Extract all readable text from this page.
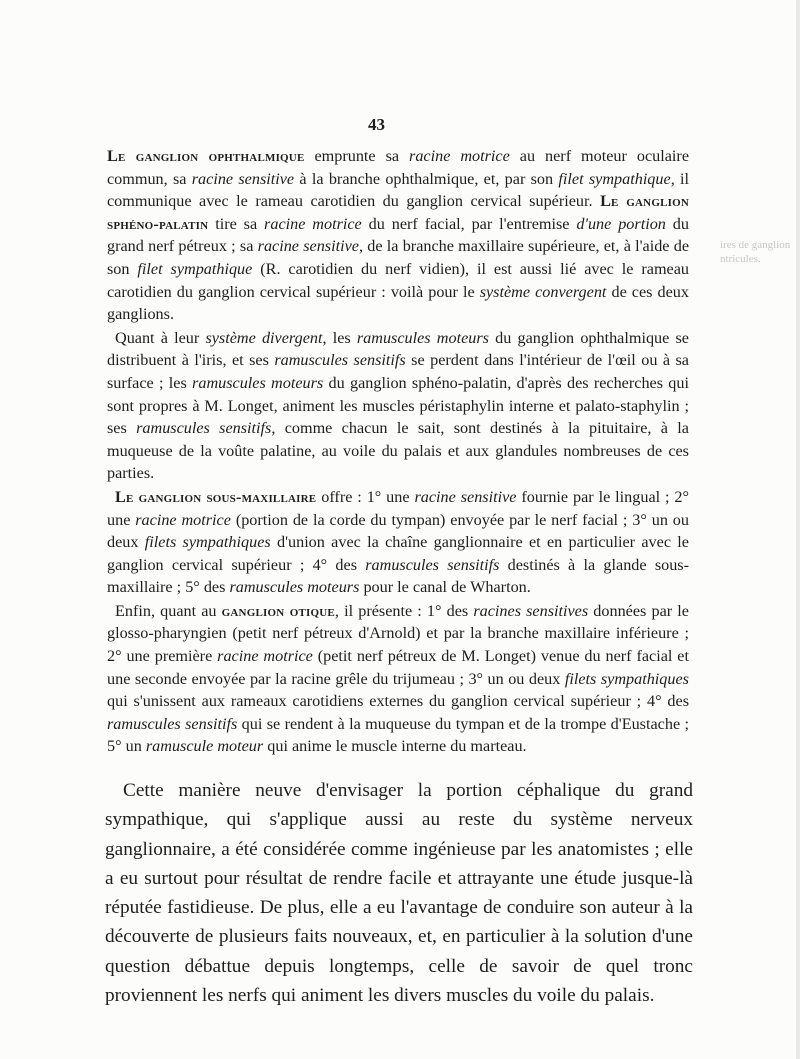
43

Le ganglion ophthalmique emprunte sa racine motrice au nerf moteur oculaire commun, sa racine sensitive à la branche ophthalmique, et, par son filet sympathique, il communique avec le rameau carotidien du ganglion cervical supérieur. Le ganglion sphéno-palatin tire sa racine motrice du nerf facial, par l'entremise d'une portion du grand nerf pétreux ; sa racine sensitive, de la branche maxillaire supérieure, et, à l'aide de son filet sympathique (R. carotidien du nerf vidien), il est aussi lié avec le rameau carotidien du ganglion cervical supérieur : voilà pour le système convergent de ces deux ganglions.

Quant à leur système divergent, les ramuscules moteurs du ganglion ophthalmique se distribuent à l'iris, et ses ramuscules sensitifs se perdent dans l'intérieur de l'œil ou à sa surface ; les ramuscules moteurs du ganglion sphéno-palatin, d'après des recherches qui sont propres à M. Longet, animent les muscles péristaphylin interne et palato-staphylin ; ses ramuscules sensitifs, comme chacun le sait, sont destinés à la pituitaire, à la muqueuse de la voûte palatine, au voile du palais et aux glandules nombreuses de ces parties.

Le ganglion sous-maxillaire offre : 1° une racine sensitive fournie par le lingual ; 2° une racine motrice (portion de la corde du tympan) envoyée par le nerf facial ; 3° un ou deux filets sympathiques d'union avec la chaîne ganglionnaire et en particulier avec le ganglion cervical supérieur ; 4° des ramuscules sensitifs destinés à la glande sous-maxillaire ; 5° des ramuscules moteurs pour le canal de Wharton.

Enfin, quant au ganglion otique, il présente : 1° des racines sensitives données par le glosso-pharyngien (petit nerf pétreux d'Arnold) et par la branche maxillaire inférieure ; 2° une première racine motrice (petit nerf pétreux de M. Longet) venue du nerf facial et une seconde envoyée par la racine grêle du trijumeau ; 3° un ou deux filets sympathiques qui s'unissent aux rameaux carotidiens externes du ganglion cervical supérieur ; 4° des ramuscules sensitifs qui se rendent à la muqueuse du tympan et de la trompe d'Eustache ; 5° un ramuscule moteur qui anime le muscle interne du marteau.

Cette manière neuve d'envisager la portion céphalique du grand sympathique, qui s'applique aussi au reste du système nerveux ganglionnaire, a été considérée comme ingénieuse par les anatomistes ; elle a eu surtout pour résultat de rendre facile et attrayante une étude jusque-là réputée fastidieuse. De plus, elle a eu l'avantage de conduire son auteur à la découverte de plusieurs faits nouveaux, et, en particulier à la solution d'une question débattue depuis longtemps, celle de savoir de quel tronc proviennent les nerfs qui animent les divers muscles du voile du palais.

ires de ganglion
ntricules.
